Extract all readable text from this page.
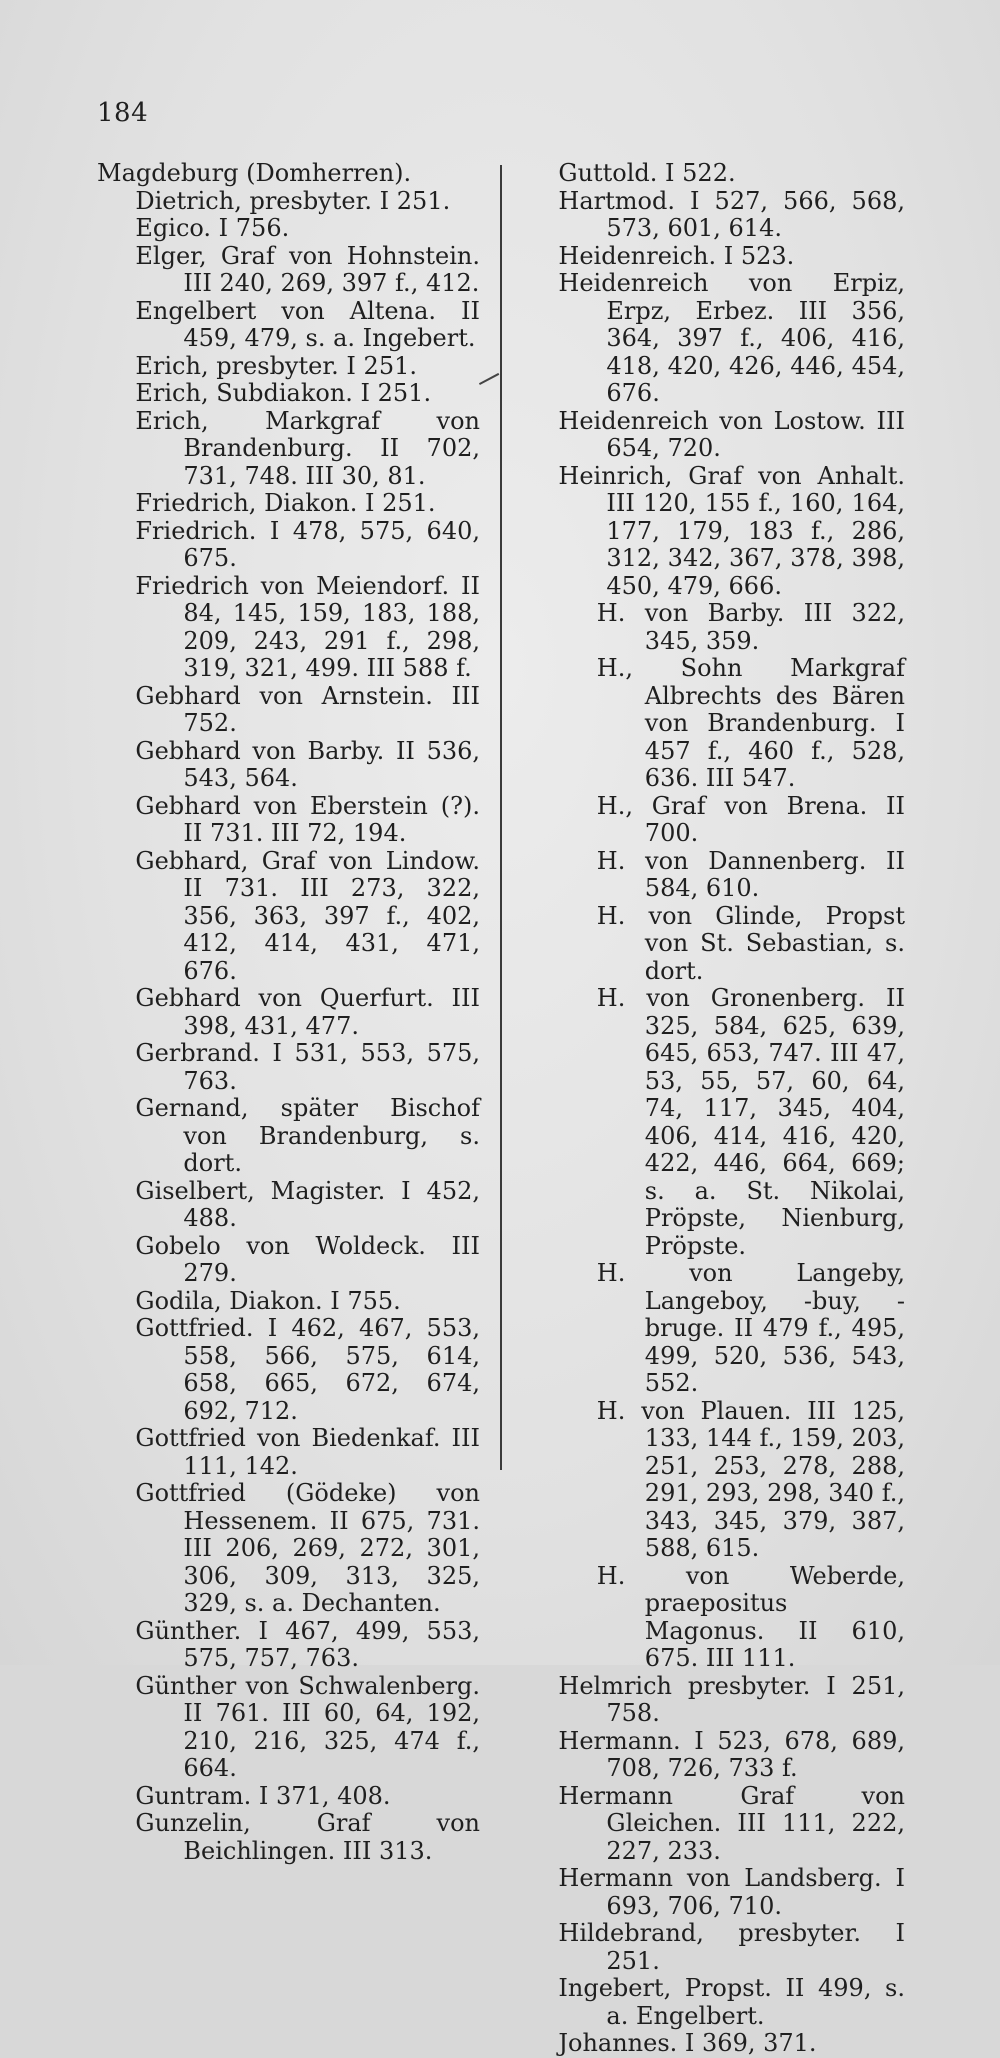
184

Magdeburg (Domherren).

Dietrich, presbyter. I 251.

Egico. I 756.

Elger, Graf von Hohnstein. III 240, 269, 397 f., 412.

Engelbert von Altena. II 459, 479, s. a. Ingebert.

Erich, presbyter. I 251.

Erich, Subdiakon. I 251.

Erich, Markgraf von Brandenburg. II 702, 731, 748. III 30, 81.

Friedrich, Diakon. I 251.

Friedrich. I 478, 575, 640, 675.

Friedrich von Meiendorf. II 84, 145, 159, 183, 188, 209, 243, 291 f., 298, 319, 321, 499. III 588 f.

Gebhard von Arnstein. III 752.

Gebhard von Barby. II 536, 543, 564.

Gebhard von Eberstein (?). II 731. III 72, 194.

Gebhard, Graf von Lindow. II 731. III 273, 322, 356, 363, 397 f., 402, 412, 414, 431, 471, 676.

Gebhard von Querfurt. III 398, 431, 477.

Gerbrand. I 531, 553, 575, 763.

Gernand, später Bischof von Brandenburg, s. dort.

Giselbert, Magister. I 452, 488.

Gobelo von Woldeck. III 279.

Godila, Diakon. I 755.

Gottfried. I 462, 467, 553, 558, 566, 575, 614, 658, 665, 672, 674, 692, 712.

Gottfried von Biedenkaf. III 111, 142.

Gottfried (Gödeke) von Hessenem. II 675, 731. III 206, 269, 272, 301, 306, 309, 313, 325, 329, s. a. Dechanten.

Günther. I 467, 499, 553, 575, 757, 763.

Günther von Schwalenberg. II 761. III 60, 64, 192, 210, 216, 325, 474 f., 664.

Guntram. I 371, 408.

Gunzelin, Graf von Beichlingen. III 313.

Guttold. I 522.

Hartmod. I 527, 566, 568, 573, 601, 614.

Heidenreich. I 523.

Heidenreich von Erpiz, Erpz, Erbez. III 356, 364, 397 f., 406, 416, 418, 420, 426, 446, 454, 676.

Heidenreich von Lostow. III 654, 720.

Heinrich, Graf von Anhalt. III 120, 155 f., 160, 164, 177, 179, 183 f., 286, 312, 342, 367, 378, 398, 450, 479, 666.

H. von Barby. III 322, 345, 359.

H., Sohn Markgraf Albrechts des Bären von Brandenburg. I 457 f., 460 f., 528, 636. III 547.

H., Graf von Brena. II 700.

H. von Dannenberg. II 584, 610.

H. von Glinde, Propst von St. Sebastian, s. dort.

H. von Gronenberg. II 325, 584, 625, 639, 645, 653, 747. III 47, 53, 55, 57, 60, 64, 74, 117, 345, 404, 406, 414, 416, 420, 422, 446, 664, 669; s. a. St. Nikolai, Pröpste, Nienburg, Pröpste.

H. von Langeby, Langeboy, -buy, -bruge. II 479 f., 495, 499, 520, 536, 543, 552.

H. von Plauen. III 125, 133, 144 f., 159, 203, 251, 253, 278, 288, 291, 293, 298, 340 f., 343, 345, 379, 387, 588, 615.

H. von Weberde, praepositus Magonus. II 610, 675. III 111.

Helmrich presbyter. I 251, 758.

Hermann. I 523, 678, 689, 708, 726, 733 f.

Hermann Graf von Gleichen. III 111, 222, 227, 233.

Hermann von Landsberg. I 693, 706, 710.

Hildebrand, presbyter. I 251.

Ingebert, Propst. II 499, s. a. Engelbert.

Johannes. I 369, 371.
